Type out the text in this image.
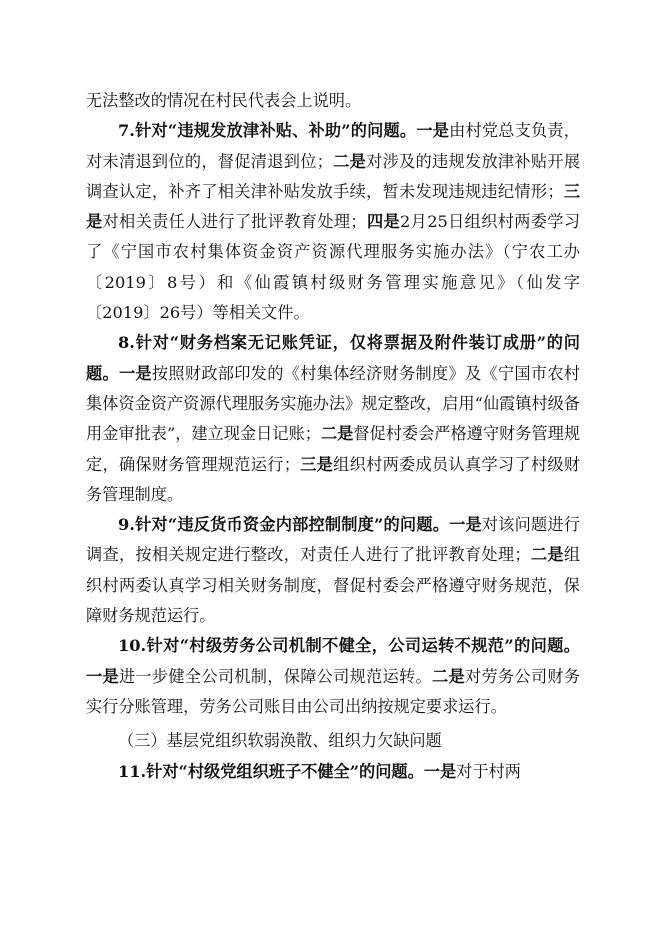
无法整改的情况在村民代表会上说明。

7.针对“违规发放津补贴、补助”的问题。一是由村党总支负责，对未清退到位的，督促清退到位；二是对涉及的违规发放津补贴开展调查认定，补齐了相关津补贴发放手续，暂未发现违规违纪情形；三是对相关责任人进行了批评教育处理；四是2月25日组织村两委学习了《宁国市农村集体资金资产资源代理服务实施办法》（宁农工办〔2019〕8号）和《仙霞镇村级财务管理实施意见》（仙发字〔2019〕26号）等相关文件。

8.针对“财务档案无记账凭证，仅将票据及附件装订成册”的问题。一是按照财政部印发的《村集体经济财务制度》及《宁国市农村集体资金资产资源代理服务实施办法》规定整改，启用“仙霞镇村级备用金审批表”，建立现金日记账；二是督促村委会严格遵守财务管理规定，确保财务管理规范运行；三是组织村两委成员认真学习了村级财务管理制度。

9.针对“违反货币资金内部控制制度”的问题。一是对该问题进行调查，按相关规定进行整改，对责任人进行了批评教育处理；二是组织村两委认真学习相关财务制度，督促村委会严格遵守财务规范，保障财务规范运行。

10.针对“村级劳务公司机制不健全，公司运转不规范”的问题。一是进一步健全公司机制，保障公司规范运转。二是对劳务公司财务实行分账管理，劳务公司账目由公司出纳按规定要求运行。

（三）基层党组织软弱涣散、组织力欠缺问题

11.针对“村级党组织班子不健全”的问题。一是对于村两
